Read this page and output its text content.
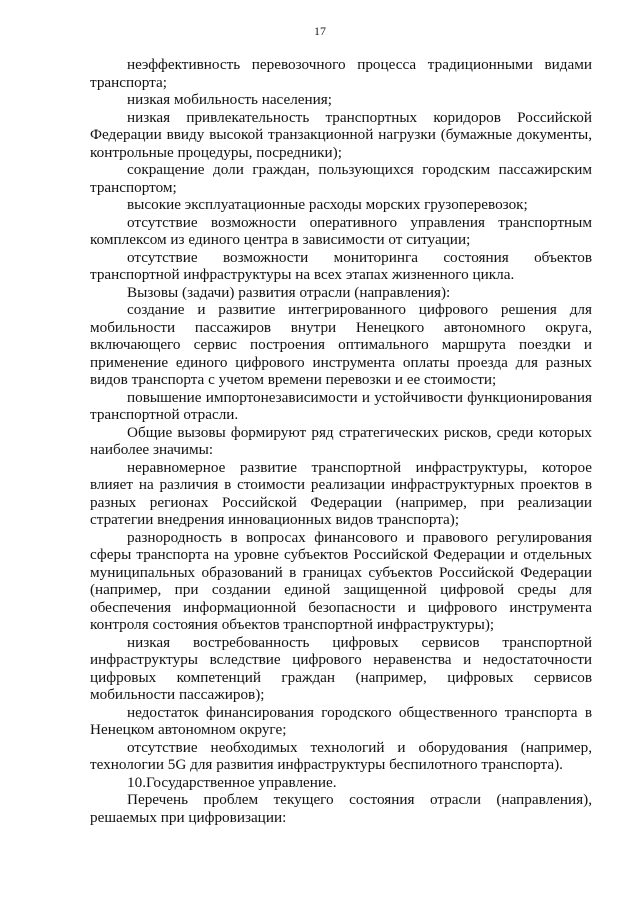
17

неэффективность перевозочного процесса традиционными видами транспорта;

низкая мобильность населения;

низкая привлекательность транспортных коридоров Российской Федерации ввиду высокой транзакционной нагрузки (бумажные документы, контрольные процедуры, посредники);

сокращение доли граждан, пользующихся городским пассажирским транспортом;

высокие эксплуатационные расходы морских грузоперевозок;

отсутствие возможности оперативного управления транспортным комплексом из единого центра в зависимости от ситуации;

отсутствие возможности мониторинга состояния объектов транспортной инфраструктуры на всех этапах жизненного цикла.

Вызовы (задачи) развития отрасли (направления):

создание и развитие интегрированного цифрового решения для мобильности пассажиров внутри Ненецкого автономного округа, включающего сервис построения оптимального маршрута поездки и применение единого цифрового инструмента оплаты проезда для разных видов транспорта с учетом времени перевозки и ее стоимости;

повышение импортонезависимости и устойчивости функционирования транспортной отрасли.

Общие вызовы формируют ряд стратегических рисков, среди которых наиболее значимы:

неравномерное развитие транспортной инфраструктуры, которое влияет на различия в стоимости реализации инфраструктурных проектов в разных регионах Российской Федерации (например, при реализации стратегии внедрения инновационных видов транспорта);

разнородность в вопросах финансового и правового регулирования сферы транспорта на уровне субъектов Российской Федерации и отдельных муниципальных образований в границах субъектов Российской Федерации (например, при создании единой защищенной цифровой среды для обеспечения информационной безопасности и цифрового инструмента контроля состояния объектов транспортной инфраструктуры);

низкая востребованность цифровых сервисов транспортной инфраструктуры вследствие цифрового неравенства и недостаточности цифровых компетенций граждан (например, цифровых сервисов мобильности пассажиров);

недостаток финансирования городского общественного транспорта в Ненецком автономном округе;

отсутствие необходимых технологий и оборудования (например, технологии 5G для развития инфраструктуры беспилотного транспорта).

10.Государственное управление.

Перечень проблем текущего состояния отрасли (направления), решаемых при цифровизации:
